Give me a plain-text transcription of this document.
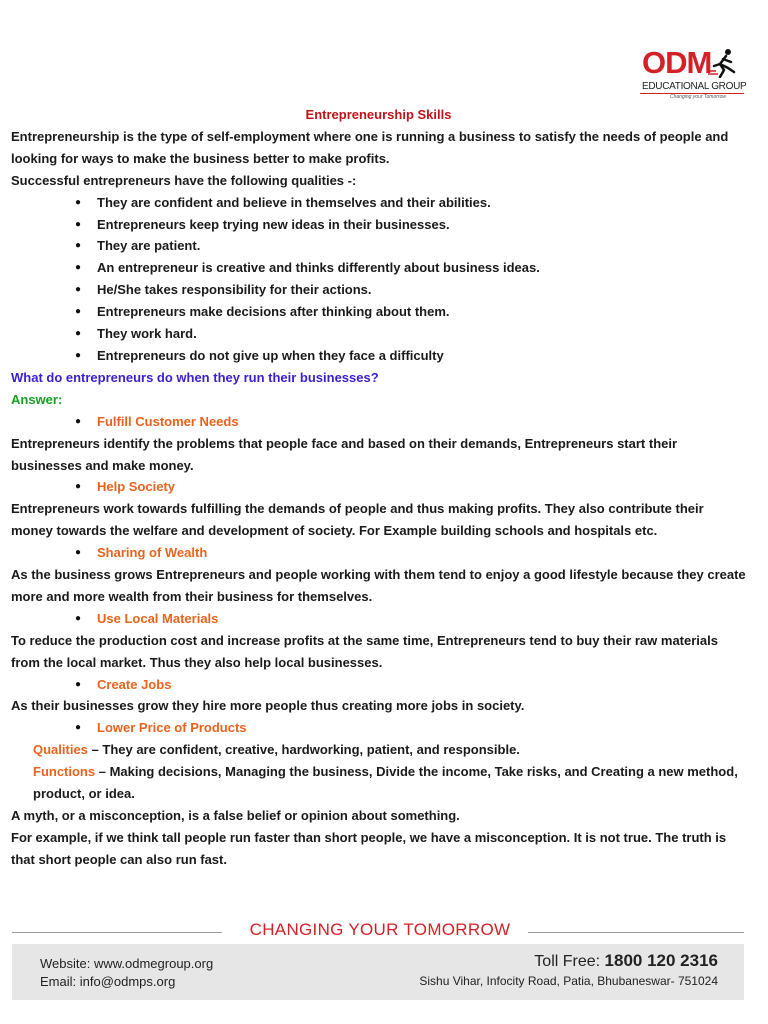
ODM
EDUCATIONAL GROUP
Changing your Tomorrow

Entrepreneurship Skills

Entrepreneurship is the type of self-employment where one is running a business to satisfy the needs of people and looking for ways to make the business better to make profits.

Successful entrepreneurs have the following qualities -:

● They are confident and believe in themselves and their abilities.
● Entrepreneurs keep trying new ideas in their businesses.
● They are patient.
● An entrepreneur is creative and thinks differently about business ideas.
● He/She takes responsibility for their actions.
● Entrepreneurs make decisions after thinking about them.
● They work hard.
● Entrepreneurs do not give up when they face a difficulty

What do entrepreneurs do when they run their businesses?

Answer:

● Fulfill Customer Needs

Entrepreneurs identify the problems that people face and based on their demands, Entrepreneurs start their businesses and make money.

● Help Society

Entrepreneurs work towards fulfilling the demands of people and thus making profits. They also contribute their money towards the welfare and development of society. For Example building schools and hospitals etc.

● Sharing of Wealth

As the business grows Entrepreneurs and people working with them tend to enjoy a good lifestyle because they create more and more wealth from their business for themselves.

● Use Local Materials

To reduce the production cost and increase profits at the same time, Entrepreneurs tend to buy their raw materials from the local market. Thus they also help local businesses.

● Create Jobs

As their businesses grow they hire more people thus creating more jobs in society.

● Lower Price of Products

Qualities – They are confident, creative, hardworking, patient, and responsible.

Functions – Making decisions, Managing the business, Divide the income, Take risks, and Creating a new method, product, or idea.

A myth, or a misconception, is a false belief or opinion about something.

For example, if we think tall people run faster than short people, we have a misconception. It is not true. The truth is that short people can also run fast.

CHANGING YOUR TOMORROW
Website: www.odmegroup.org
Email: info@odmps.org
Toll Free: 1800 120 2316
Sishu Vihar, Infocity Road, Patia, Bhubaneswar- 751024
